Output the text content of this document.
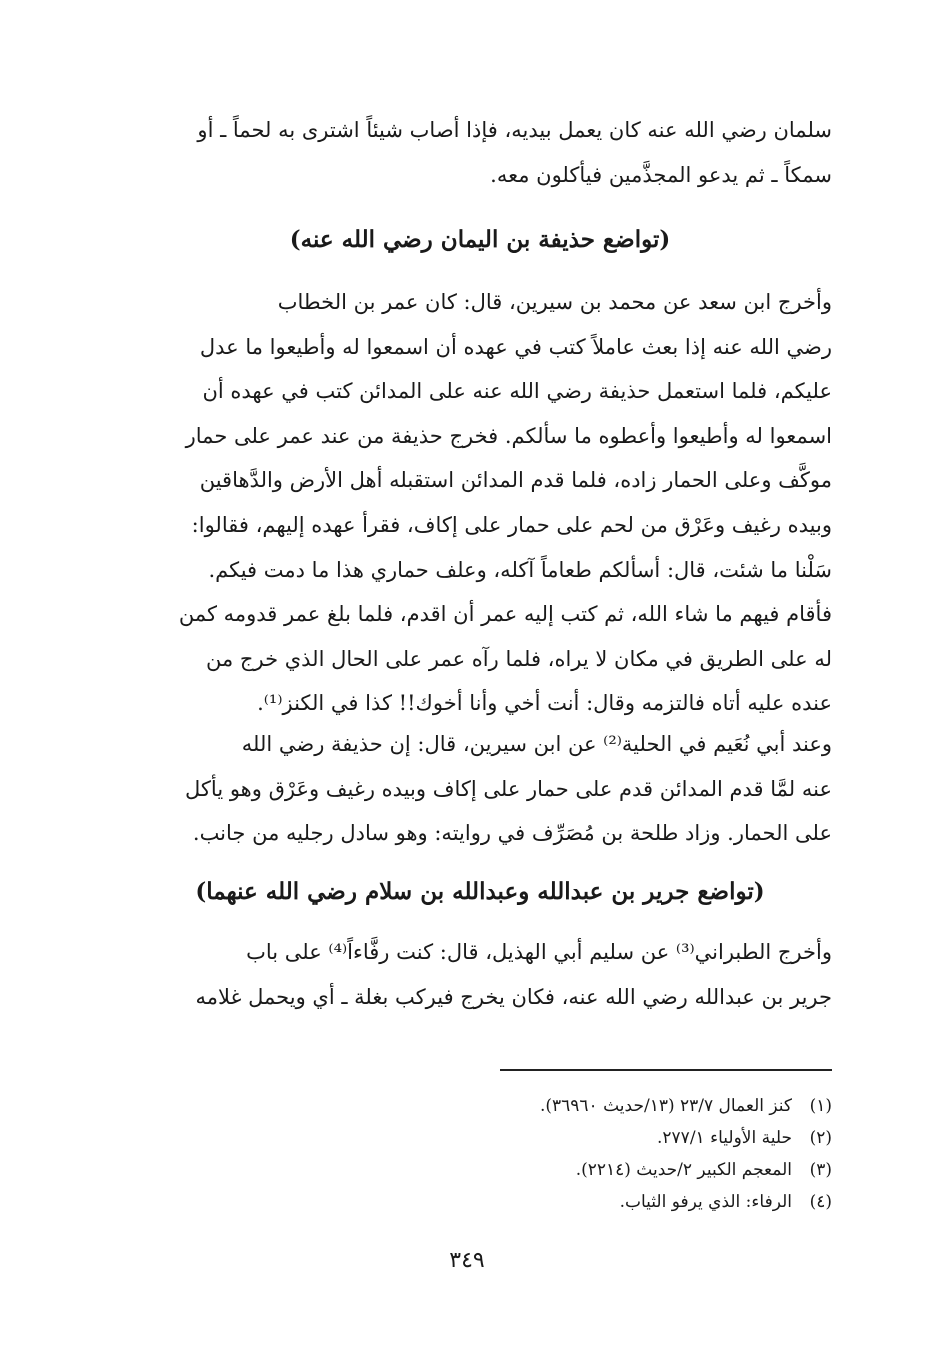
سلمان رضي الله عنه كان يعمل بيديه، فإذا أصاب شيئاً اشترى به لحماً ـ أو

سمكاً ـ ثم يدعو المجذَّمين فيأكلون معه.

(تواضع حذيفة بن اليمان رضي الله عنه)

وأخرج ابن سعد عن محمد بن سيرين، قال: كان عمر بن الخطاب

رضي الله عنه إذا بعث عاملاً كتب في عهده أن اسمعوا له وأطيعوا ما عدل

عليكم، فلما استعمل حذيفة رضي الله عنه على المدائن كتب في عهده أن

اسمعوا له وأطيعوا وأعطوه ما سألكم. فخرج حذيفة من عند عمر على حمار

موكَّف وعلى الحمار زاده، فلما قدم المدائن استقبله أهل الأرض والدَّهاقين

وبيده رغيف وعَرْق من لحم على حمار على إكاف، فقرأ عهده إليهم، فقالوا:

سَلْنا ما شئت، قال: أسألكم طعاماً آكله، وعلف حماري هذا ما دمت فيكم.

فأقام فيهم ما شاء الله، ثم كتب إليه عمر أن اقدم، فلما بلغ عمر قدومه كمن

له على الطريق في مكان لا يراه، فلما رآه عمر على الحال الذي خرج من

عنده عليه أتاه فالتزمه وقال: أنت أخي وأنا أخوك!! كذا في الكنز⁽¹⁾.

وعند أبي نُعَيم في الحلية⁽²⁾ عن ابن سيرين، قال: إن حذيفة رضي الله

عنه لمَّا قدم المدائن قدم على حمار على إكاف وبيده رغيف وعَرْق وهو يأكل

على الحمار. وزاد طلحة بن مُصَرِّف في روايته: وهو سادل رجليه من جانب.

(تواضع جرير بن عبدالله وعبدالله بن سلام رضي الله عنهما)

وأخرج الطبراني⁽³⁾ عن سليم أبي الهذيل، قال: كنت رفَّاءاً⁽⁴⁾ على باب

جرير بن عبدالله رضي الله عنه، فكان يخرج فيركب بغلة ـ أي ويحمل غلامه

(١)
كنز العمال ٢٣/٧ (١٣/حديث ٣٦٩٦٠).
(٢)
حلية الأولياء ٢٧٧/١.
(٣)
المعجم الكبير ٢/حديث (٢٢١٤).
(٤)
الرفاء: الذي يرفو الثياب.
٣٤٩
